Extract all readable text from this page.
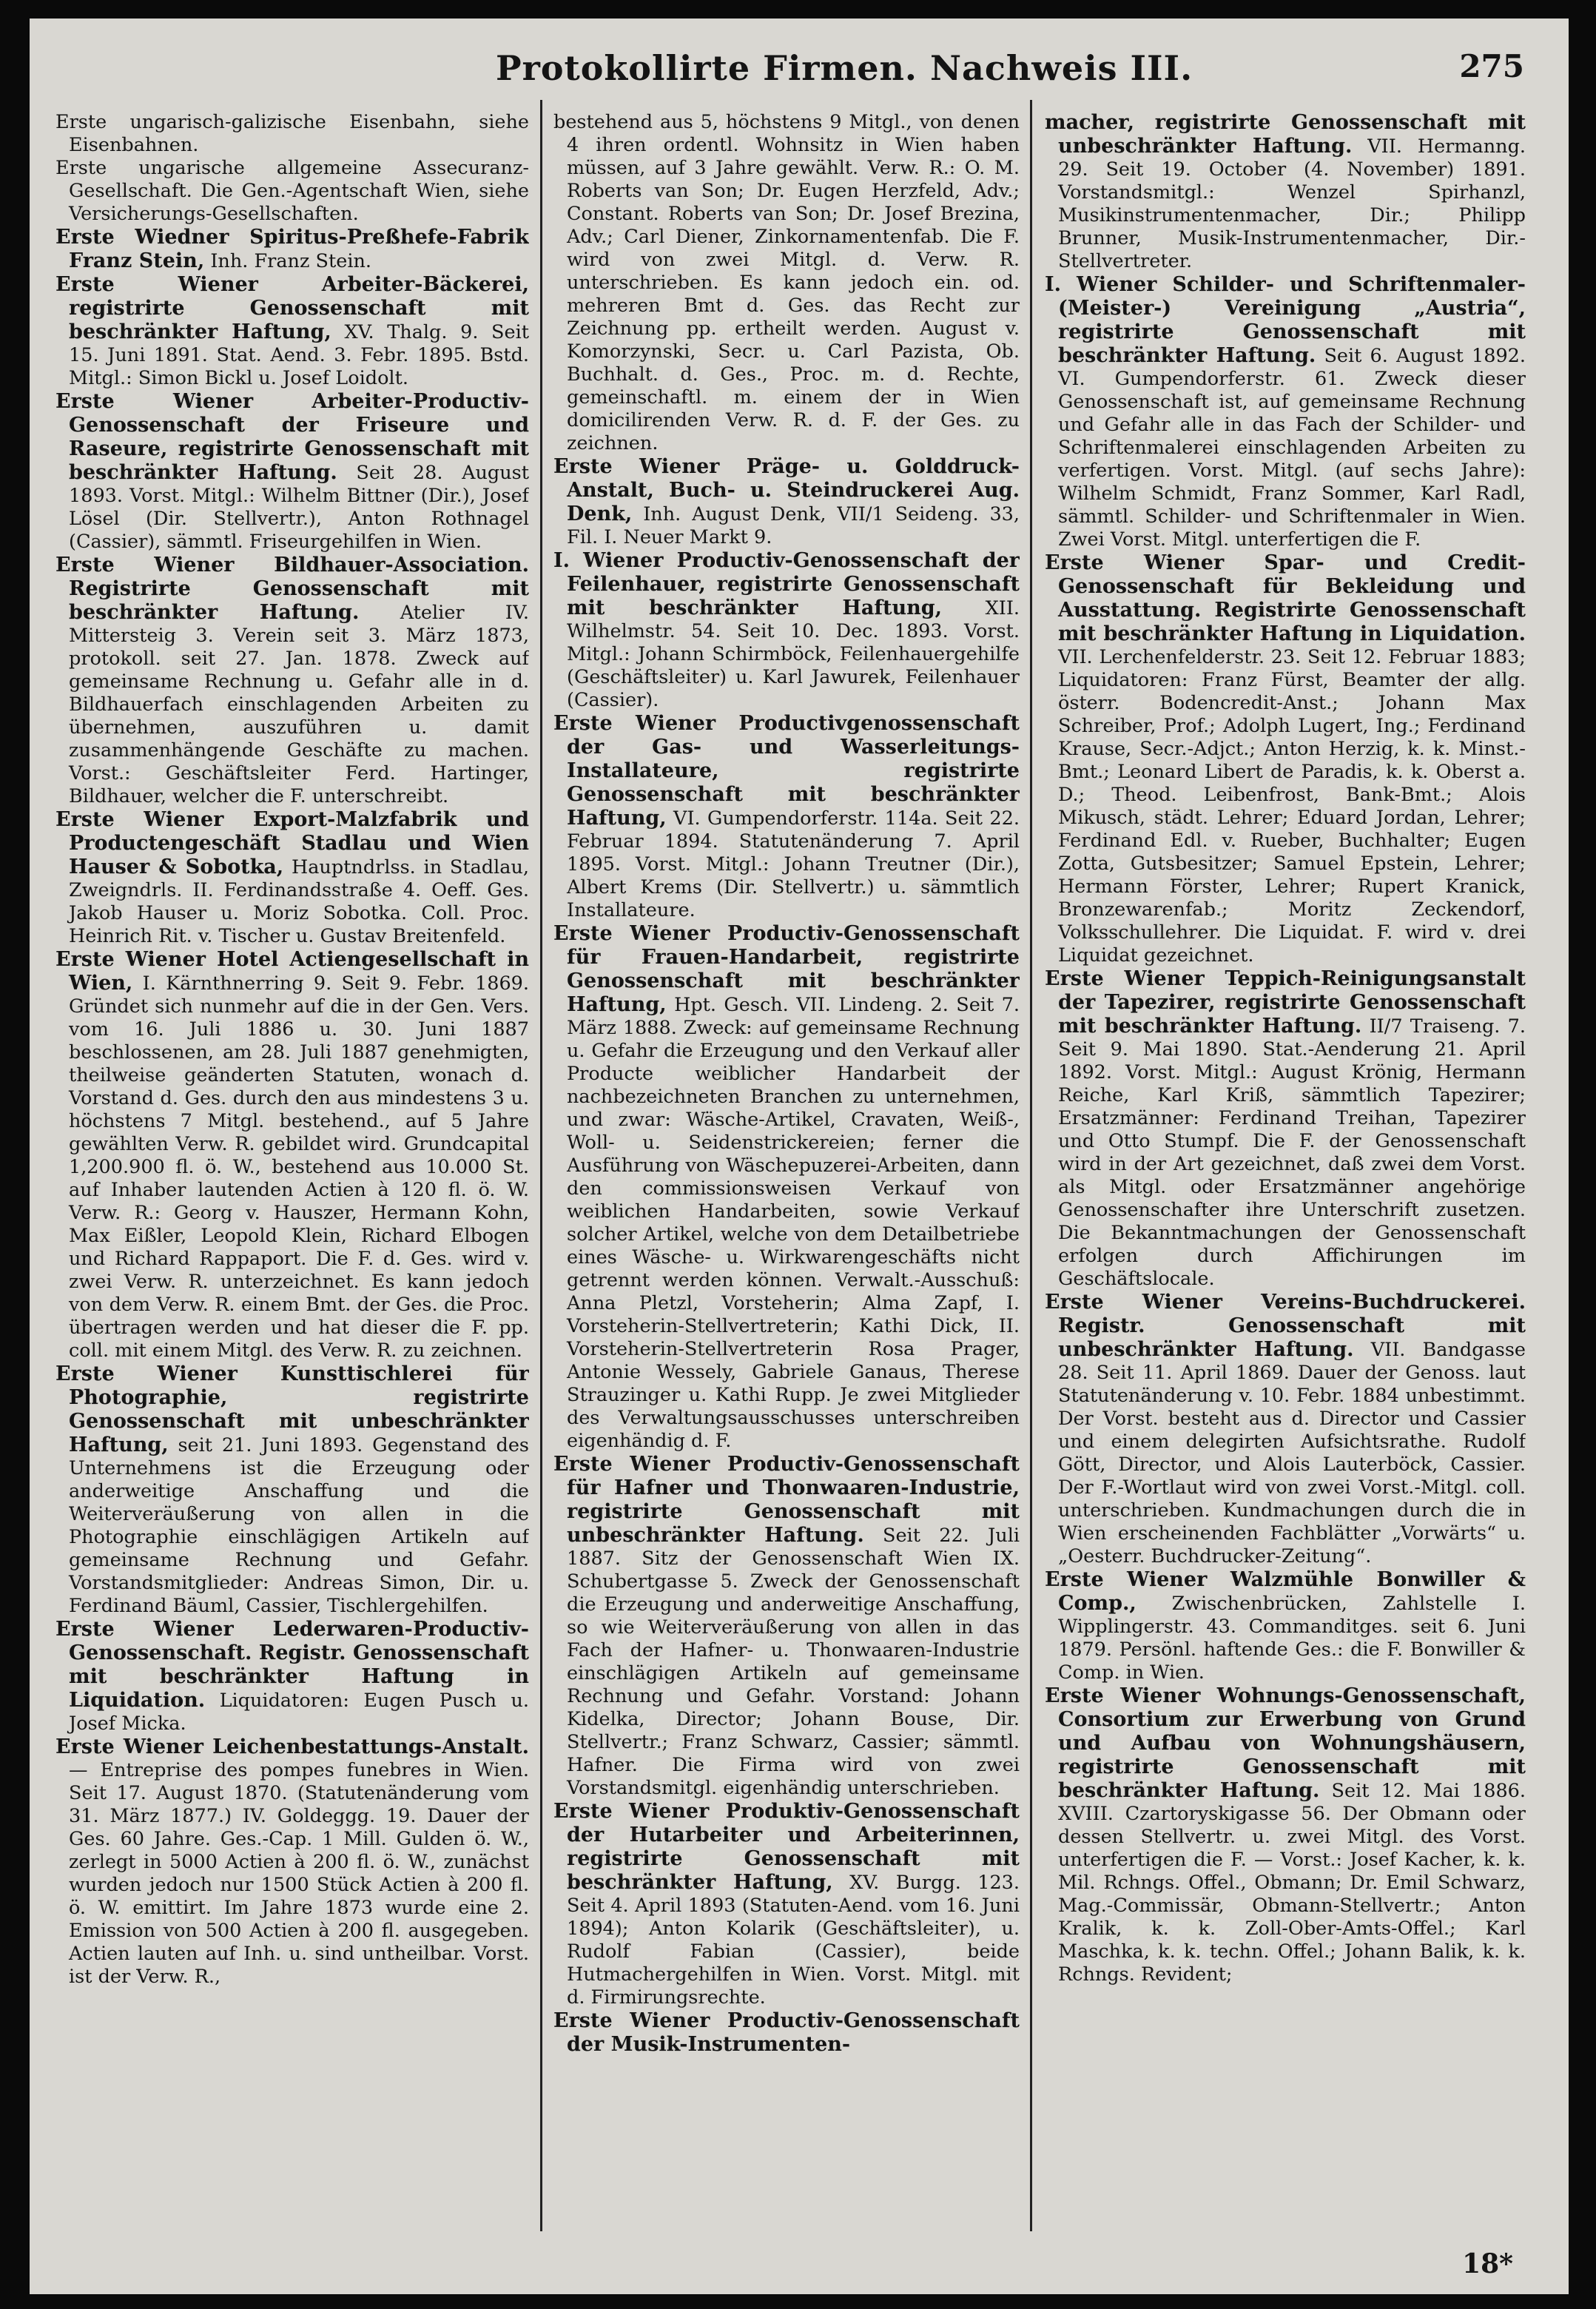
Protokollirte Firmen. Nachweis III.	275
Erste ungarisch-galizische Eisenbahn, siehe Eisenbahnen.
Erste ungarische allgemeine Assecuranz-Gesellschaft. Die Gen.-Agentschaft Wien, siehe Versicherungs-Gesellschaften.
Erste Wiedner Spiritus-Preßhefe-Fabrik Franz Stein, Inh. Franz Stein.
Erste Wiener Arbeiter-Bäckerei, registrirte Genossenschaft mit beschränkter Haftung, XV. Thalg. 9. Seit 15. Juni 1891. Stat. Aend. 3. Febr. 1895. Bstd. Mitgl.: Simon Bickl u. Josef Loidolt.
Erste Wiener Arbeiter-Productiv-Genossenschaft der Friseure und Raseure, registrirte Genossenschaft mit beschränkter Haftung. Seit 28. August 1893. Vorst. Mitgl.: Wilhelm Bittner (Dir.), Josef Lösel (Dir. Stellvertr.), Anton Rothnagel (Cassier), sämmtl. Friseurgehilfen in Wien.
Erste Wiener Bildhauer-Association. Registrirte Genossenschaft mit beschränkter Haftung. Atelier IV. Mittersteig 3. Verein seit 3. März 1873, protokoll. seit 27. Jan. 1878. Zweck auf gemeinsame Rechnung u. Gefahr alle in d. Bildhauerfach einschlagenden Arbeiten zu übernehmen, auszuführen u. damit zusammenhängende Geschäfte zu machen. Vorst.: Geschäftsleiter Ferd. Hartinger, Bildhauer, welcher die F. unterschreibt.
Erste Wiener Export-Malzfabrik und Productengeschäft Stadlau und Wien Hauser & Sobotka, Hauptndrlss. in Stadlau, Zweigndrls. II. Ferdinandsstraße 4. Oeff. Ges. Jakob Hauser u. Moriz Sobotka. Coll. Proc. Heinrich Rit. v. Tischer u. Gustav Breitenfeld.
Erste Wiener Hotel Actiengesellschaft in Wien, I. Kärnthnerring 9. Seit 9. Febr. 1869. Gründet sich nunmehr auf die in der Gen. Vers. vom 16. Juli 1886 u. 30. Juni 1887 beschlossenen, am 28. Juli 1887 genehmigten, theilweise geänderten Statuten, wonach d. Vorstand d. Ges. durch den aus mindestens 3 u. höchstens 7 Mitgl. bestehend., auf 5 Jahre gewählten Verw. R. gebildet wird. Grundcapital 1,200.900 fl. ö. W., bestehend aus 10.000 St. auf Inhaber lautenden Actien à 120 fl. ö. W. Verw. R.: Georg v. Hauszer, Hermann Kohn, Max Eißler, Leopold Klein, Richard Elbogen und Richard Rappaport. Die F. d. Ges. wird v. zwei Verw. R. unterzeichnet. Es kann jedoch von dem Verw. R. einem Bmt. der Ges. die Proc. übertragen werden und hat dieser die F. pp. coll. mit einem Mitgl. des Verw. R. zu zeichnen.
Erste Wiener Kunsttischlerei für Photographie, registrirte Genossenschaft mit unbeschränkter Haftung, seit 21. Juni 1893. Gegenstand des Unternehmens ist die Erzeugung oder anderweitige Anschaffung und die Weiterveräußerung von allen in die Photographie einschlägigen Artikeln auf gemeinsame Rechnung und Gefahr. Vorstandsmitglieder: Andreas Simon, Dir. u. Ferdinand Bäuml, Cassier, Tischlergehilfen.
Erste Wiener Lederwaren-Productiv-Genossenschaft. Registr. Genossenschaft mit beschränkter Haftung in Liquidation. Liquidatoren: Eugen Pusch u. Josef Micka.
Erste Wiener Leichenbestattungs-Anstalt. — Entreprise des pompes funebres in Wien. Seit 17. August 1870. (Statutenänderung vom 31. März 1877.) IV. Goldeggg. 19. Dauer der Ges. 60 Jahre. Ges.-Cap. 1 Mill. Gulden ö. W., zerlegt in 5000 Actien à 200 fl. ö. W., zunächst wurden jedoch nur 1500 Stück Actien à 200 fl. ö. W. emittirt. Im Jahre 1873 wurde eine 2. Emission von 500 Actien à 200 fl. ausgegeben. Actien lauten auf Inh. u. sind untheilbar. Vorst. ist der Verw. R.,
bestehend aus 5, höchstens 9 Mitgl., von denen 4 ihren ordentl. Wohnsitz in Wien haben müssen, auf 3 Jahre gewählt. Verw. R.: O. M. Roberts van Son; Dr. Eugen Herzfeld, Adv.; Constant. Roberts van Son; Dr. Josef Brezina, Adv.; Carl Diener, Zinkornamentenfab. Die F. wird von zwei Mitgl. d. Verw. R. unterschrieben. Es kann jedoch ein. od. mehreren Bmt d. Ges. das Recht zur Zeichnung pp. ertheilt werden. August v. Komorzynski, Secr. u. Carl Pazista, Ob. Buchhalt. d. Ges., Proc. m. d. Rechte, gemeinschaftl. m. einem der in Wien domicilirenden Verw. R. d. F. der Ges. zu zeichnen.
Erste Wiener Präge- u. Golddruck-Anstalt, Buch- u. Steindruckerei Aug. Denk, Inh. August Denk, VII/1 Seideng. 33, Fil. I. Neuer Markt 9.
I. Wiener Productiv-Genossenschaft der Feilenhauer, registrirte Genossenschaft mit beschränkter Haftung, XII. Wilhelmstr. 54. Seit 10. Dec. 1893. Vorst. Mitgl.: Johann Schirmböck, Feilenhauergehilfe (Geschäftsleiter) u. Karl Jawurek, Feilenhauer (Cassier).
Erste Wiener Productivgenossenschaft der Gas- und Wasserleitungs-Installateure, registrirte Genossenschaft mit beschränkter Haftung, VI. Gumpendorferstr. 114a. Seit 22. Februar 1894. Statutenänderung 7. April 1895. Vorst. Mitgl.: Johann Treutner (Dir.), Albert Krems (Dir. Stellvertr.) u. sämmtlich Installateure.
Erste Wiener Productiv-Genossenschaft für Frauen-Handarbeit, registrirte Genossenschaft mit beschränkter Haftung, Hpt. Gesch. VII. Lindeng. 2. Seit 7. März 1888. Zweck: auf gemeinsame Rechnung u. Gefahr die Erzeugung und den Verkauf aller Producte weiblicher Handarbeit der nachbezeichneten Branchen zu unternehmen, und zwar: Wäsche-Artikel, Cravaten, Weiß-, Woll- u. Seidenstrickereien; ferner die Ausführung von Wäschepuzerei-Arbeiten, dann den commissionsweisen Verkauf von weiblichen Handarbeiten, sowie Verkauf solcher Artikel, welche von dem Detailbetriebe eines Wäsche- u. Wirkwarengeschäfts nicht getrennt werden können. Verwalt.-Ausschuß: Anna Pletzl, Vorsteherin; Alma Zapf, I. Vorsteherin-Stellvertreterin; Kathi Dick, II. Vorsteherin-Stellvertreterin Rosa Prager, Antonie Wessely, Gabriele Ganaus, Therese Strauzinger u. Kathi Rupp. Je zwei Mitglieder des Verwaltungsausschusses unterschreiben eigenhändig d. F.
Erste Wiener Productiv-Genossenschaft für Hafner und Thonwaaren-Industrie, registrirte Genossenschaft mit unbeschränkter Haftung. Seit 22. Juli 1887. Sitz der Genossenschaft Wien IX. Schubertgasse 5. Zweck der Genossenschaft die Erzeugung und anderweitige Anschaffung, so wie Weiterveräußerung von allen in das Fach der Hafner- u. Thonwaaren-Industrie einschlägigen Artikeln auf gemeinsame Rechnung und Gefahr. Vorstand: Johann Kidelka, Director; Johann Bouse, Dir. Stellvertr.; Franz Schwarz, Cassier; sämmtl. Hafner. Die Firma wird von zwei Vorstandsmitgl. eigenhändig unterschrieben.
Erste Wiener Produktiv-Genossenschaft der Hutarbeiter und Arbeiterinnen, registrirte Genossenschaft mit beschränkter Haftung, XV. Burgg. 123. Seit 4. April 1893 (Statuten-Aend. vom 16. Juni 1894); Anton Kolarik (Geschäftsleiter), u. Rudolf Fabian (Cassier), beide Hutmachergehilfen in Wien. Vorst. Mitgl. mit d. Firmirungsrechte.
Erste Wiener Productiv-Genossenschaft der Musik-Instrumenten-
macher, registrirte Genossenschaft mit unbeschränkter Haftung. VII. Hermanng. 29. Seit 19. October (4. November) 1891. Vorstandsmitgl.: Wenzel Spirhanzl, Musikinstrumentenmacher, Dir.; Philipp Brunner, Musik-Instrumentenmacher, Dir.-Stellvertreter.
I. Wiener Schilder- und Schriftenmaler-(Meister-) Vereinigung „Austria“, registrirte Genossenschaft mit beschränkter Haftung. Seit 6. August 1892. VI. Gumpendorferstr. 61. Zweck dieser Genossenschaft ist, auf gemeinsame Rechnung und Gefahr alle in das Fach der Schilder- und Schriftenmalerei einschlagenden Arbeiten zu verfertigen. Vorst. Mitgl. (auf sechs Jahre): Wilhelm Schmidt, Franz Sommer, Karl Radl, sämmtl. Schilder- und Schriftenmaler in Wien. Zwei Vorst. Mitgl. unterfertigen die F.
Erste Wiener Spar- und Credit-Genossenschaft für Bekleidung und Ausstattung. Registrirte Genossenschaft mit beschränkter Haftung in Liquidation. VII. Lerchenfelderstr. 23. Seit 12. Februar 1883; Liquidatoren: Franz Fürst, Beamter der allg. österr. Bodencredit-Anst.; Johann Max Schreiber, Prof.; Adolph Lugert, Ing.; Ferdinand Krause, Secr.-Adjct.; Anton Herzig, k. k. Minst.-Bmt.; Leonard Libert de Paradis, k. k. Oberst a. D.; Theod. Leibenfrost, Bank-Bmt.; Alois Mikusch, städt. Lehrer; Eduard Jordan, Lehrer; Ferdinand Edl. v. Rueber, Buchhalter; Eugen Zotta, Gutsbesitzer; Samuel Epstein, Lehrer; Hermann Förster, Lehrer; Rupert Kranick, Bronzewarenfab.; Moritz Zeckendorf, Volksschullehrer. Die Liquidat. F. wird v. drei Liquidat gezeichnet.
Erste Wiener Teppich-Reinigungsanstalt der Tapezirer, registrirte Genossenschaft mit beschränkter Haftung. II/7 Traiseng. 7. Seit 9. Mai 1890. Stat.-Aenderung 21. April 1892. Vorst. Mitgl.: August Krönig, Hermann Reiche, Karl Kriß, sämmtlich Tapezirer; Ersatzmänner: Ferdinand Treihan, Tapezirer und Otto Stumpf. Die F. der Genossenschaft wird in der Art gezeichnet, daß zwei dem Vorst. als Mitgl. oder Ersatzmänner angehörige Genossenschafter ihre Unterschrift zusetzen. Die Bekanntmachungen der Genossenschaft erfolgen durch Affichirungen im Geschäftslocale.
Erste Wiener Vereins-Buchdruckerei. Registr. Genossenschaft mit unbeschränkter Haftung. VII. Bandgasse 28. Seit 11. April 1869. Dauer der Genoss. laut Statutenänderung v. 10. Febr. 1884 unbestimmt. Der Vorst. besteht aus d. Director und Cassier und einem delegirten Aufsichtsrathe. Rudolf Gött, Director, und Alois Lauterböck, Cassier. Der F.-Wortlaut wird von zwei Vorst.-Mitgl. coll. unterschrieben. Kundmachungen durch die in Wien erscheinenden Fachblätter „Vorwärts“ u. „Oesterr. Buchdrucker-Zeitung“.
Erste Wiener Walzmühle Bonwiller & Comp., Zwischenbrücken, Zahlstelle I. Wipplingerstr. 43. Commanditges. seit 6. Juni 1879. Persönl. haftende Ges.: die F. Bonwiller & Comp. in Wien.
Erste Wiener Wohnungs-Genossenschaft, Consortium zur Erwerbung von Grund und Aufbau von Wohnungshäusern, registrirte Genossenschaft mit beschränkter Haftung. Seit 12. Mai 1886. XVIII. Czartoryskigasse 56. Der Obmann oder dessen Stellvertr. u. zwei Mitgl. des Vorst. unterfertigen die F. — Vorst.: Josef Kacher, k. k. Mil. Rchngs. Offel., Obmann; Dr. Emil Schwarz, Mag.-Commissär, Obmann-Stellvertr.; Anton Kralik, k. k. Zoll-Ober-Amts-Offel.; Karl Maschka, k. k. techn. Offel.; Johann Balik, k. k. Rchngs. Revident;
18*
